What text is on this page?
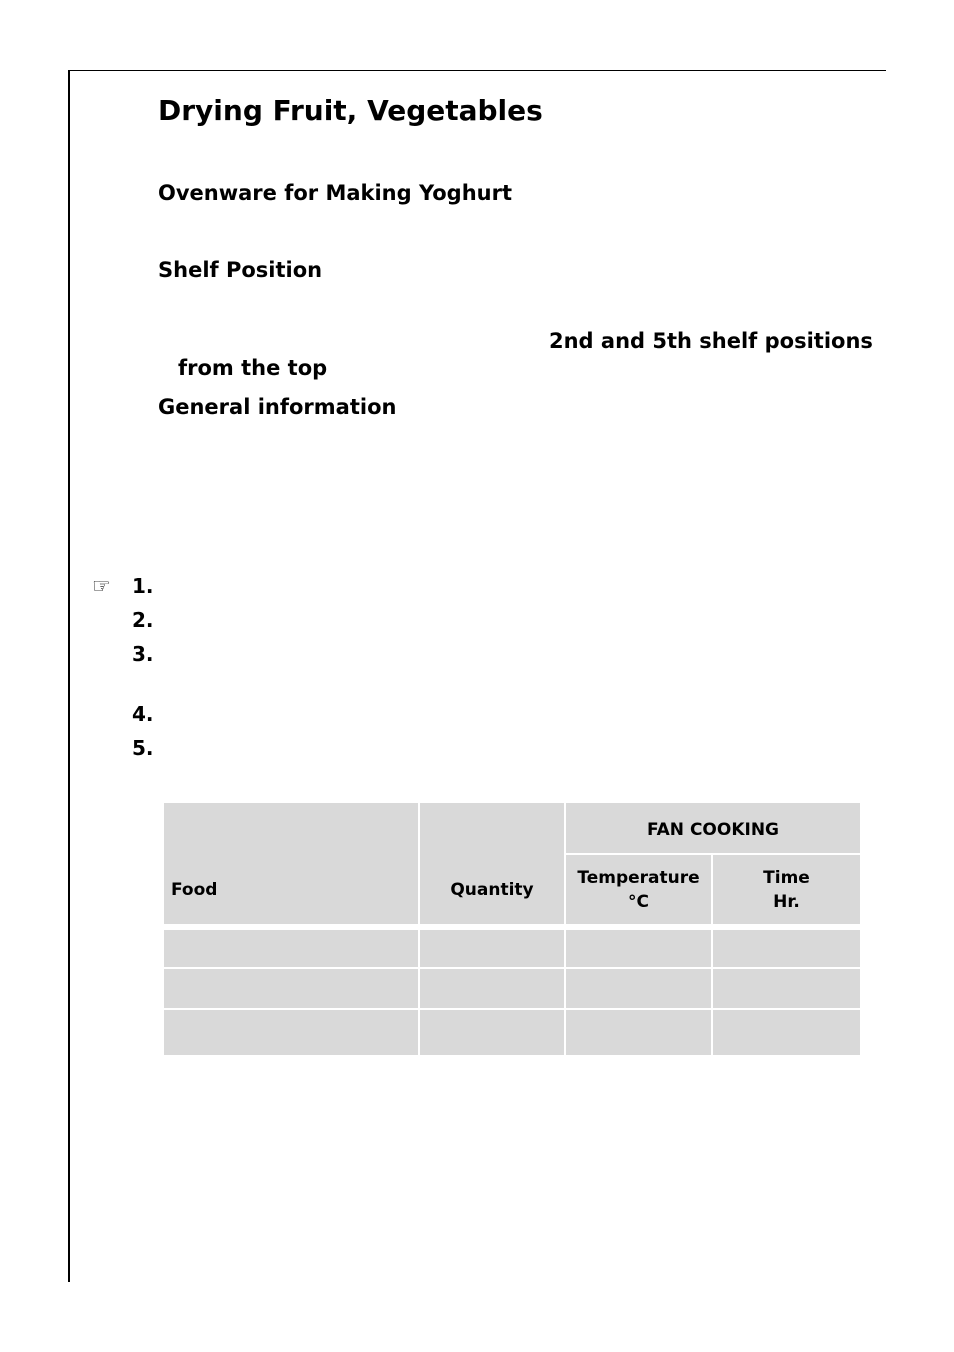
Drying Fruit, Vegetables
Ovenware for Making Yoghurt
Shelf Position
2nd and 5th shelf positions
from the top
General information
☞ 1.
2.
3.
4.
5.
Food	Quantity
FAN COOKING
Temperature
°C
Time
Hr.
